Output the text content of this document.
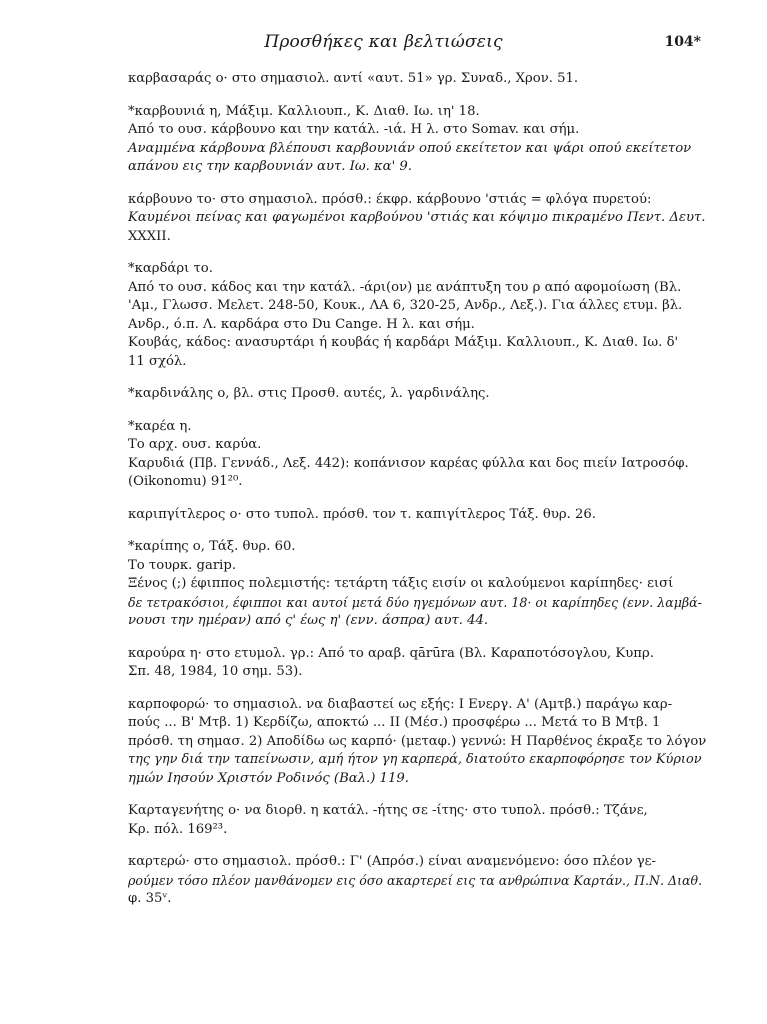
Προσθήκες και βελτιώσεις	104*
καρβασαράς ο· στο σημασιολ. αντί «αυτ. 51» γρ. Συναδ., Χρον. 51.
*καρβουνιά η, Μάξιμ. Καλλιουπ., Κ. Διαθ. Ιω. ιη' 18.
Από το ουσ. κάρβουνο και την κατάλ. -ιά. Η λ. στο Somav. και σήμ.
Αναμμένα κάρβουνα βλέπουσι καρβουνιάν οπού εκείτετον και ψάρι οπού εκείτετον
απάνου εις την καρβουνιάν αυτ. Ιω. κα' 9.
κάρβουνο το· στο σημασιολ. πρόσθ.: έκφρ. κάρβουνο 'στιάς = φλόγα πυρετού:
Καυμένοι πείνας και φαγωμένοι καρβούνου 'στιάς και κόψιμο πικραμένο Πεντ. Δευτ.
XXXII.
*καρδάρι το.
Από το ουσ. κάδος και την κατάλ. -άρι(ον) με ανάπτυξη του ρ από αφομοίωση (Βλ.
'Αμ., Γλωσσ. Μελετ. 248-50, Κουκ., ΛΑ 6, 320-25, Ανδρ., Λεξ.). Για άλλες ετυμ. βλ.
Ανδρ., ό.π. Λ. καρδάρα στο Du Cange. Η λ. και σήμ.
Κουβάς, κάδος: ανασυρτάρι ή κουβάς ή καρδάρι Μάξιμ. Καλλιουπ., Κ. Διαθ. Ιω. δ'
11 σχόλ.
*καρδινάλης ο, βλ. στις Προσθ. αυτές, λ. γαρδινάλης.
*καρέα η.
Το αρχ. ουσ. καρύα.
Καρυδιά (Πβ. Γεννάδ., Λεξ. 442): κοπάνισον καρέας φύλλα και δος πιείν Ιατροσόφ.
(Oikonomu) 91²⁰.
καριπγίτλερος ο· στο τυπολ. πρόσθ. τον τ. καπιγίτλερος Τάξ. θυρ. 26.
*καρίπης ο, Τάξ. θυρ. 60.
Το τουρκ. garip.
Ξένος (;) έφιππος πολεμιστής: τετάρτη τάξις εισίν οι καλούμενοι καρίπηδες· εισί
δε τετρακόσιοι, έφιπποι και αυτοί μετά δύο ηγεμόνων αυτ. 18· οι καρίπηδες (ενν. λαμβά-
νουσι την ημέραν) από ς' έως η' (ενν. άσπρα) αυτ. 44.
καρούρα η· στο ετυμολ. γρ.: Από το αραβ. qārūra (Βλ. Καραποτόσογλου, Κυπρ.
Σπ. 48, 1984, 10 σημ. 53).
καρποφορώ· το σημασιολ. να διαβαστεί ως εξής: Ι Ενεργ. Α' (Αμτβ.) παράγω καρ-
πούς ... Β' Μτβ. 1) Κερδίζω, αποκτώ ... ΙΙ (Μέσ.) προσφέρω ... Μετά το Β Μτβ. 1
πρόσθ. τη σημασ. 2) Αποδίδω ως καρπό· (μεταφ.) γεννώ: Η Παρθένος έκραξε το λόγον
της γην διά την ταπείνωσιν, αμή ήτον γη καρπερά, διατούτο εκαρποφόρησε τον Κύριον
ημών Ιησούν Χριστόν Ροδινός (Βαλ.) 119.
Καρταγενήτης ο· να διορθ. η κατάλ. -ήτης σε -ίτης· στο τυπολ. πρόσθ.: Τζάνε,
Κρ. πόλ. 169²³.
καρτερώ· στο σημασιολ. πρόσθ.: Γ' (Απρόσ.) είναι αναμενόμενο: όσο πλέον γε-
ρούμεν τόσο πλέον μανθάνομεν εις όσο ακαρτερεί εις τα ανθρώπινα Καρτάν., Π.Ν. Διαθ.
φ. 35ᵛ.
